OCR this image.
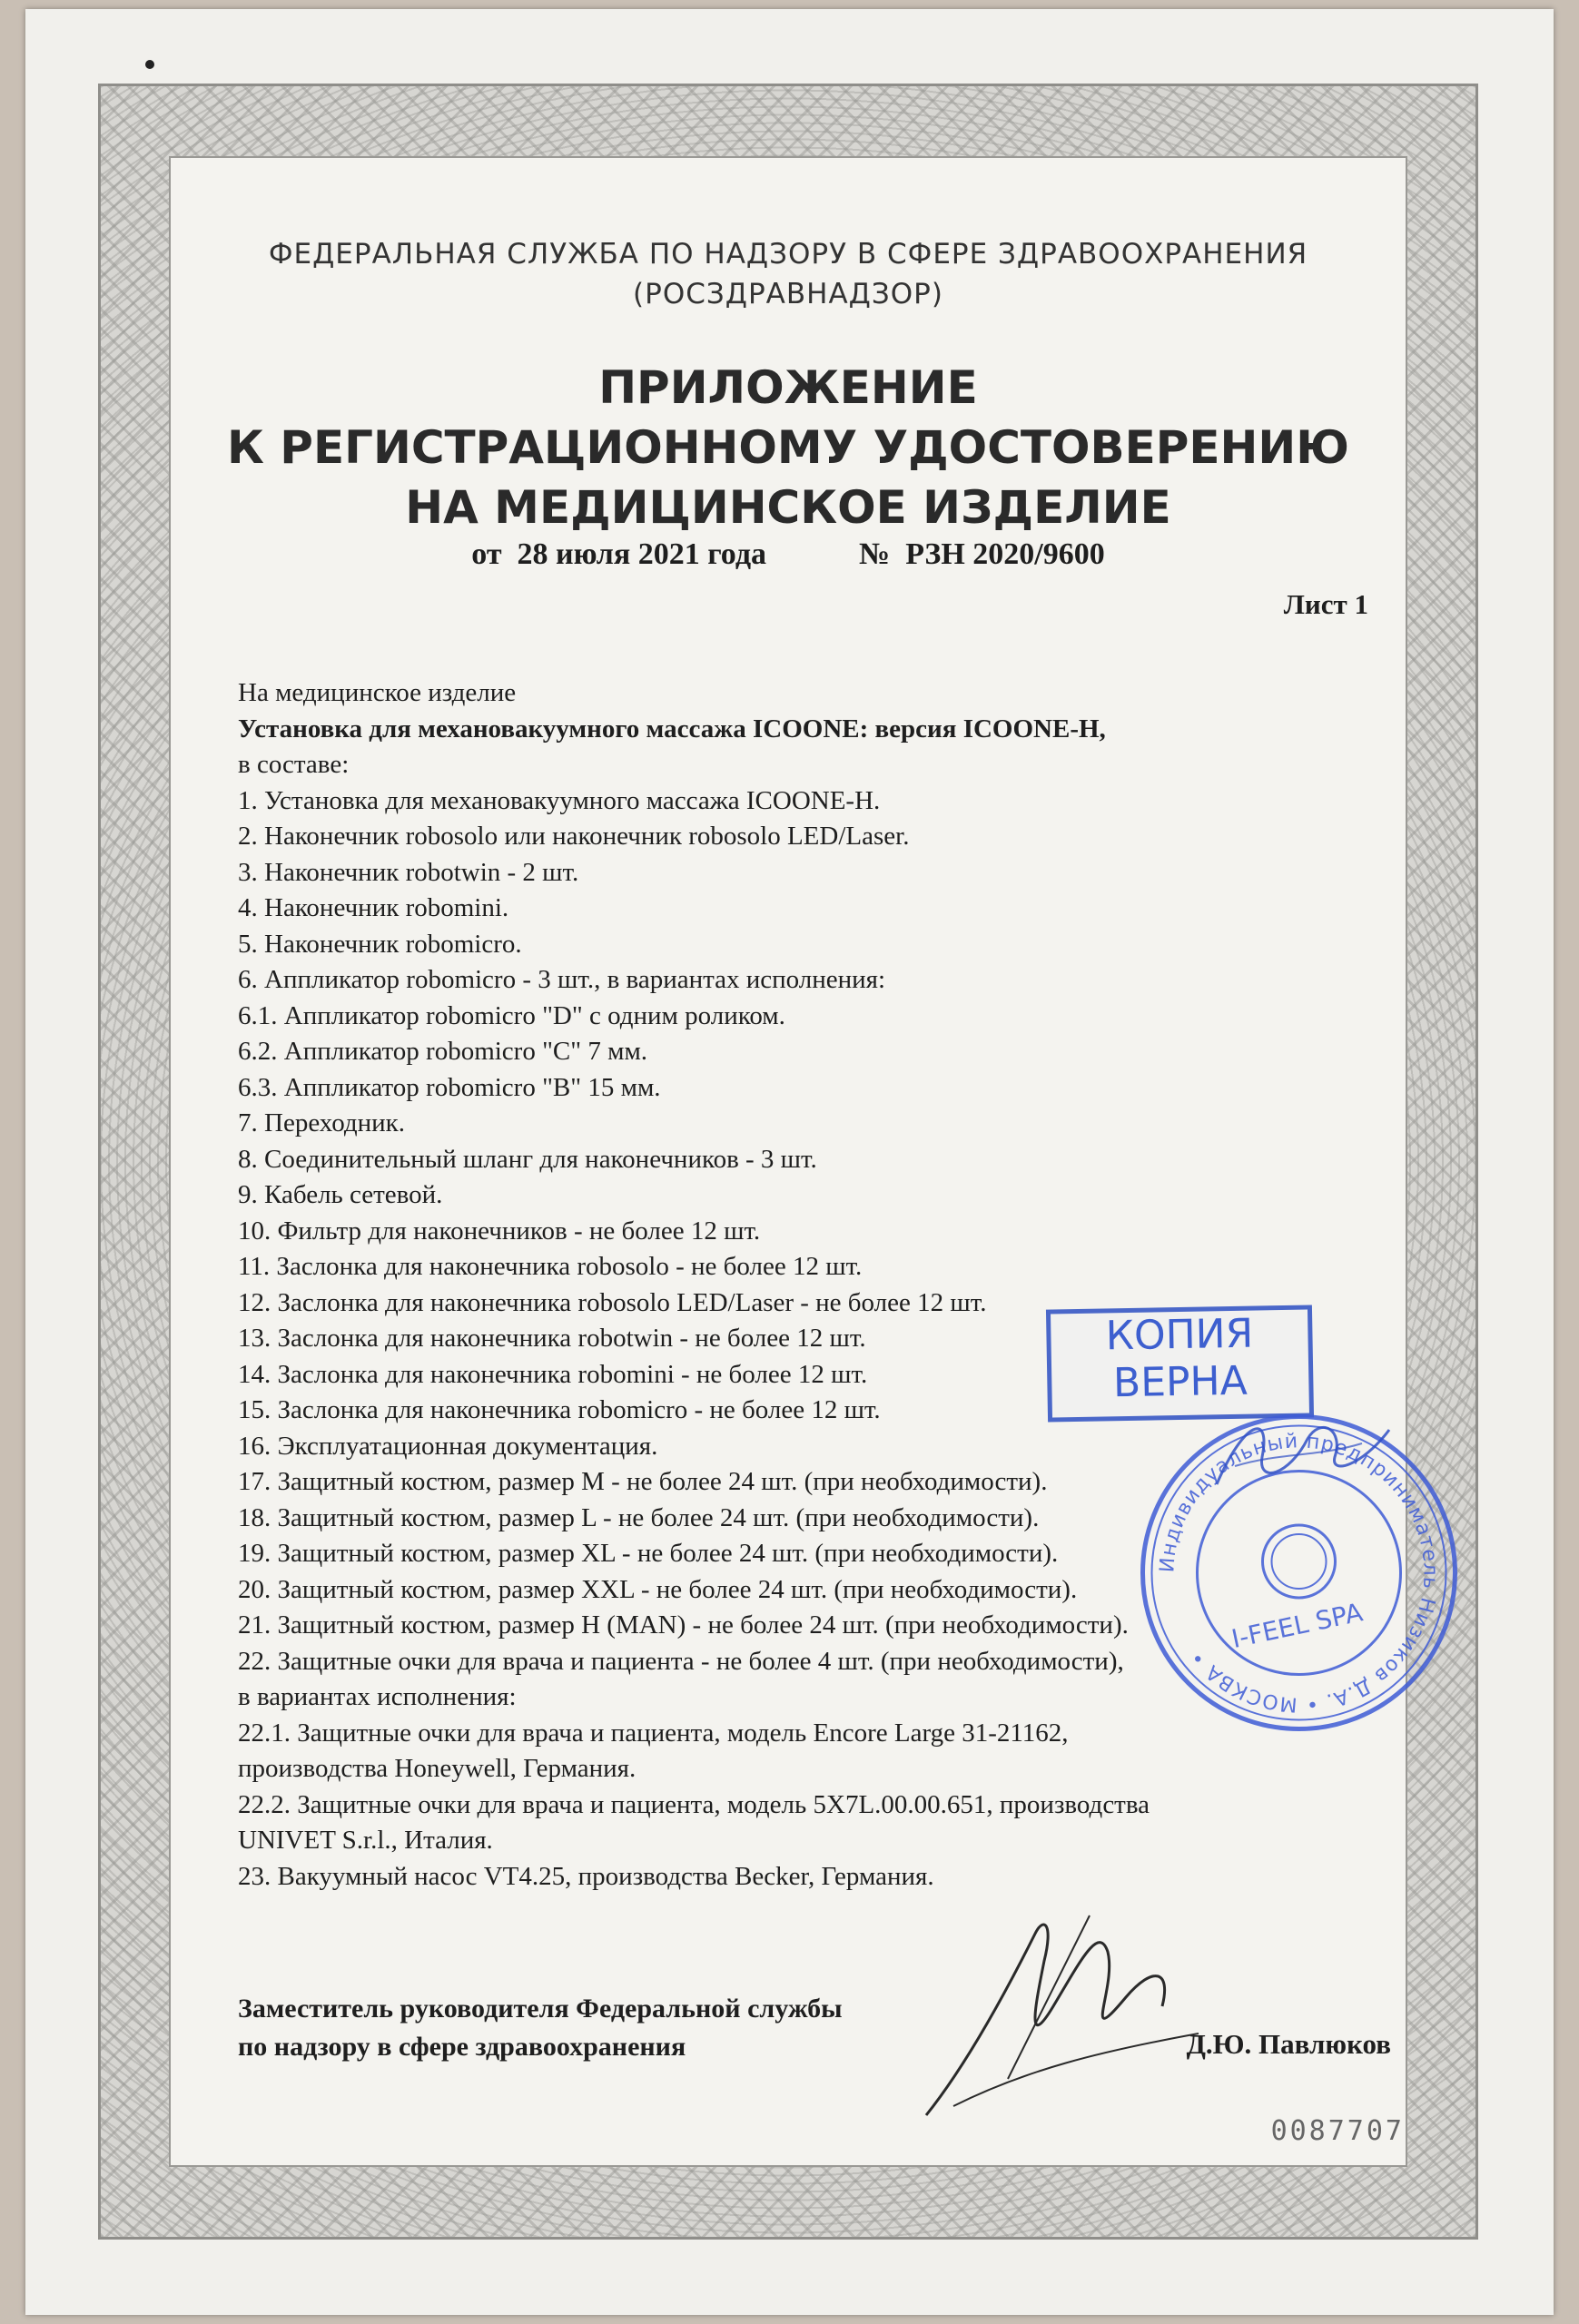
ФЕДЕРАЛЬНАЯ СЛУЖБА ПО НАДЗОРУ В СФЕРЕ ЗДРАВООХРАНЕНИЯ
(РОСЗДРАВНАДЗОР)
ПРИЛОЖЕНИЕ
К РЕГИСТРАЦИОННОМУ УДОСТОВЕРЕНИЮ
НА МЕДИЦИНСКОЕ ИЗДЕЛИЕ
от  28 июля 2021 года            №  РЗН 2020/9600
Лист 1

На медицинское изделие

Установка для механовакуумного массажа ICOONE: версия ICOONE-H,

в составе:

1. Установка для механовакуумного массажа ICOONE-H.

2. Наконечник robosolo или наконечник robosolo LED/Laser.

3. Наконечник robotwin - 2 шт.

4. Наконечник robomini.

5. Наконечник robomicro.

6. Аппликатор robomicro - 3 шт., в вариантах исполнения:

6.1. Аппликатор robomicro "D" с одним роликом.

6.2. Аппликатор robomicro "C" 7 мм.

6.3. Аппликатор robomicro "B" 15 мм.

7. Переходник.

8. Соединительный шланг для наконечников - 3 шт.

9. Кабель сетевой.

10. Фильтр для наконечников - не более 12 шт.

11. Заслонка для наконечника robosolo - не более 12 шт.

12. Заслонка для наконечника robosolo LED/Laser - не более 12 шт.

13. Заслонка для наконечника robotwin - не более 12 шт.

14. Заслонка для наконечника robomini - не более 12 шт.

15. Заслонка для наконечника robomicro - не более 12 шт.

16. Эксплуатационная документация.

17. Защитный костюм, размер M - не более 24 шт. (при необходимости).

18. Защитный костюм, размер L - не более 24 шт. (при необходимости).

19. Защитный костюм, размер XL - не более 24 шт. (при необходимости).

20. Защитный костюм, размер XXL - не более 24 шт. (при необходимости).

21. Защитный костюм, размер H (MAN) - не более 24 шт. (при необходимости).

22. Защитные очки для врача и пациента - не более 4 шт. (при необходимости),

в вариантах исполнения:

22.1. Защитные очки для врача и пациента, модель Encore Large 31-21162,

производства Honeywell, Германия.

22.2. Защитные очки для врача и пациента, модель 5X7L.00.00.651, производства

UNIVET S.r.l., Италия.

23. Вакуумный насос VT4.25, производства Becker, Германия.

Заместитель руководителя Федеральной службы
по надзору в сфере здравоохранения	Д.Ю. Павлюков
0087707
КОПИЯ
ВЕРНА
Индивидуальный предприниматель Низиков Д.А. • МОСКВА •
I-FEEL SPA
